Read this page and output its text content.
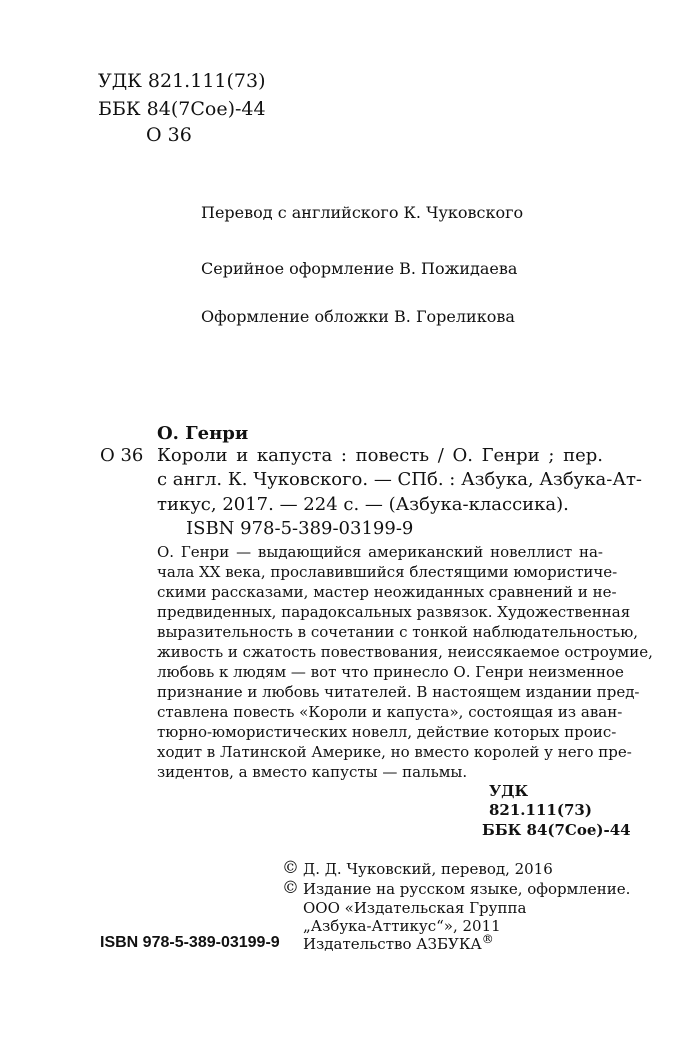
УДК 821.111(73)
ББК 84(7Сое)-44
О 36
Перевод с английского К. Чуковского
Серийное оформление В. Пожидаева
Оформление обложки В. Гореликова
О. Генри
О 36 Короли и капуста : повесть / О. Генри ; пер.
с англ. К. Чуковского. — СПб. : Азбука, Азбука-Ат-
тикус, 2017. — 224 с. — (Азбука-классика).
ISBN 978-5-389-03199-9
О. Генри — выдающийся американский новеллист на-
чала XX века, прославившийся блестящими юмористиче-
скими рассказами, мастер неожиданных сравнений и не-
предвиденных, парадоксальных развязок. Художественная
выразительность в сочетании с тонкой наблюдательностью,
живость и сжатость повествования, неиссякаемое остроумие,
любовь к людям — вот что принесло О. Генри неизменное
признание и любовь читателей. В настоящем издании пред-
ставлена повесть «Короли и капуста», состоящая из аван-
тюрно-юмористических новелл, действие которых проис-
ходит в Латинской Америке, но вместо королей у него пре-
зидентов, а вместо капусты — пальмы.
УДК
821.111(73)
ББК 84(7Сое)-44
© Д. Д. Чуковский, перевод, 2016
© Издание на русском языке, оформление.
ООО «Издательская Группа
„Азбука-Аттикус“», 2011
Издательство АЗБУКА®
ISBN 978-5-389-03199-9
